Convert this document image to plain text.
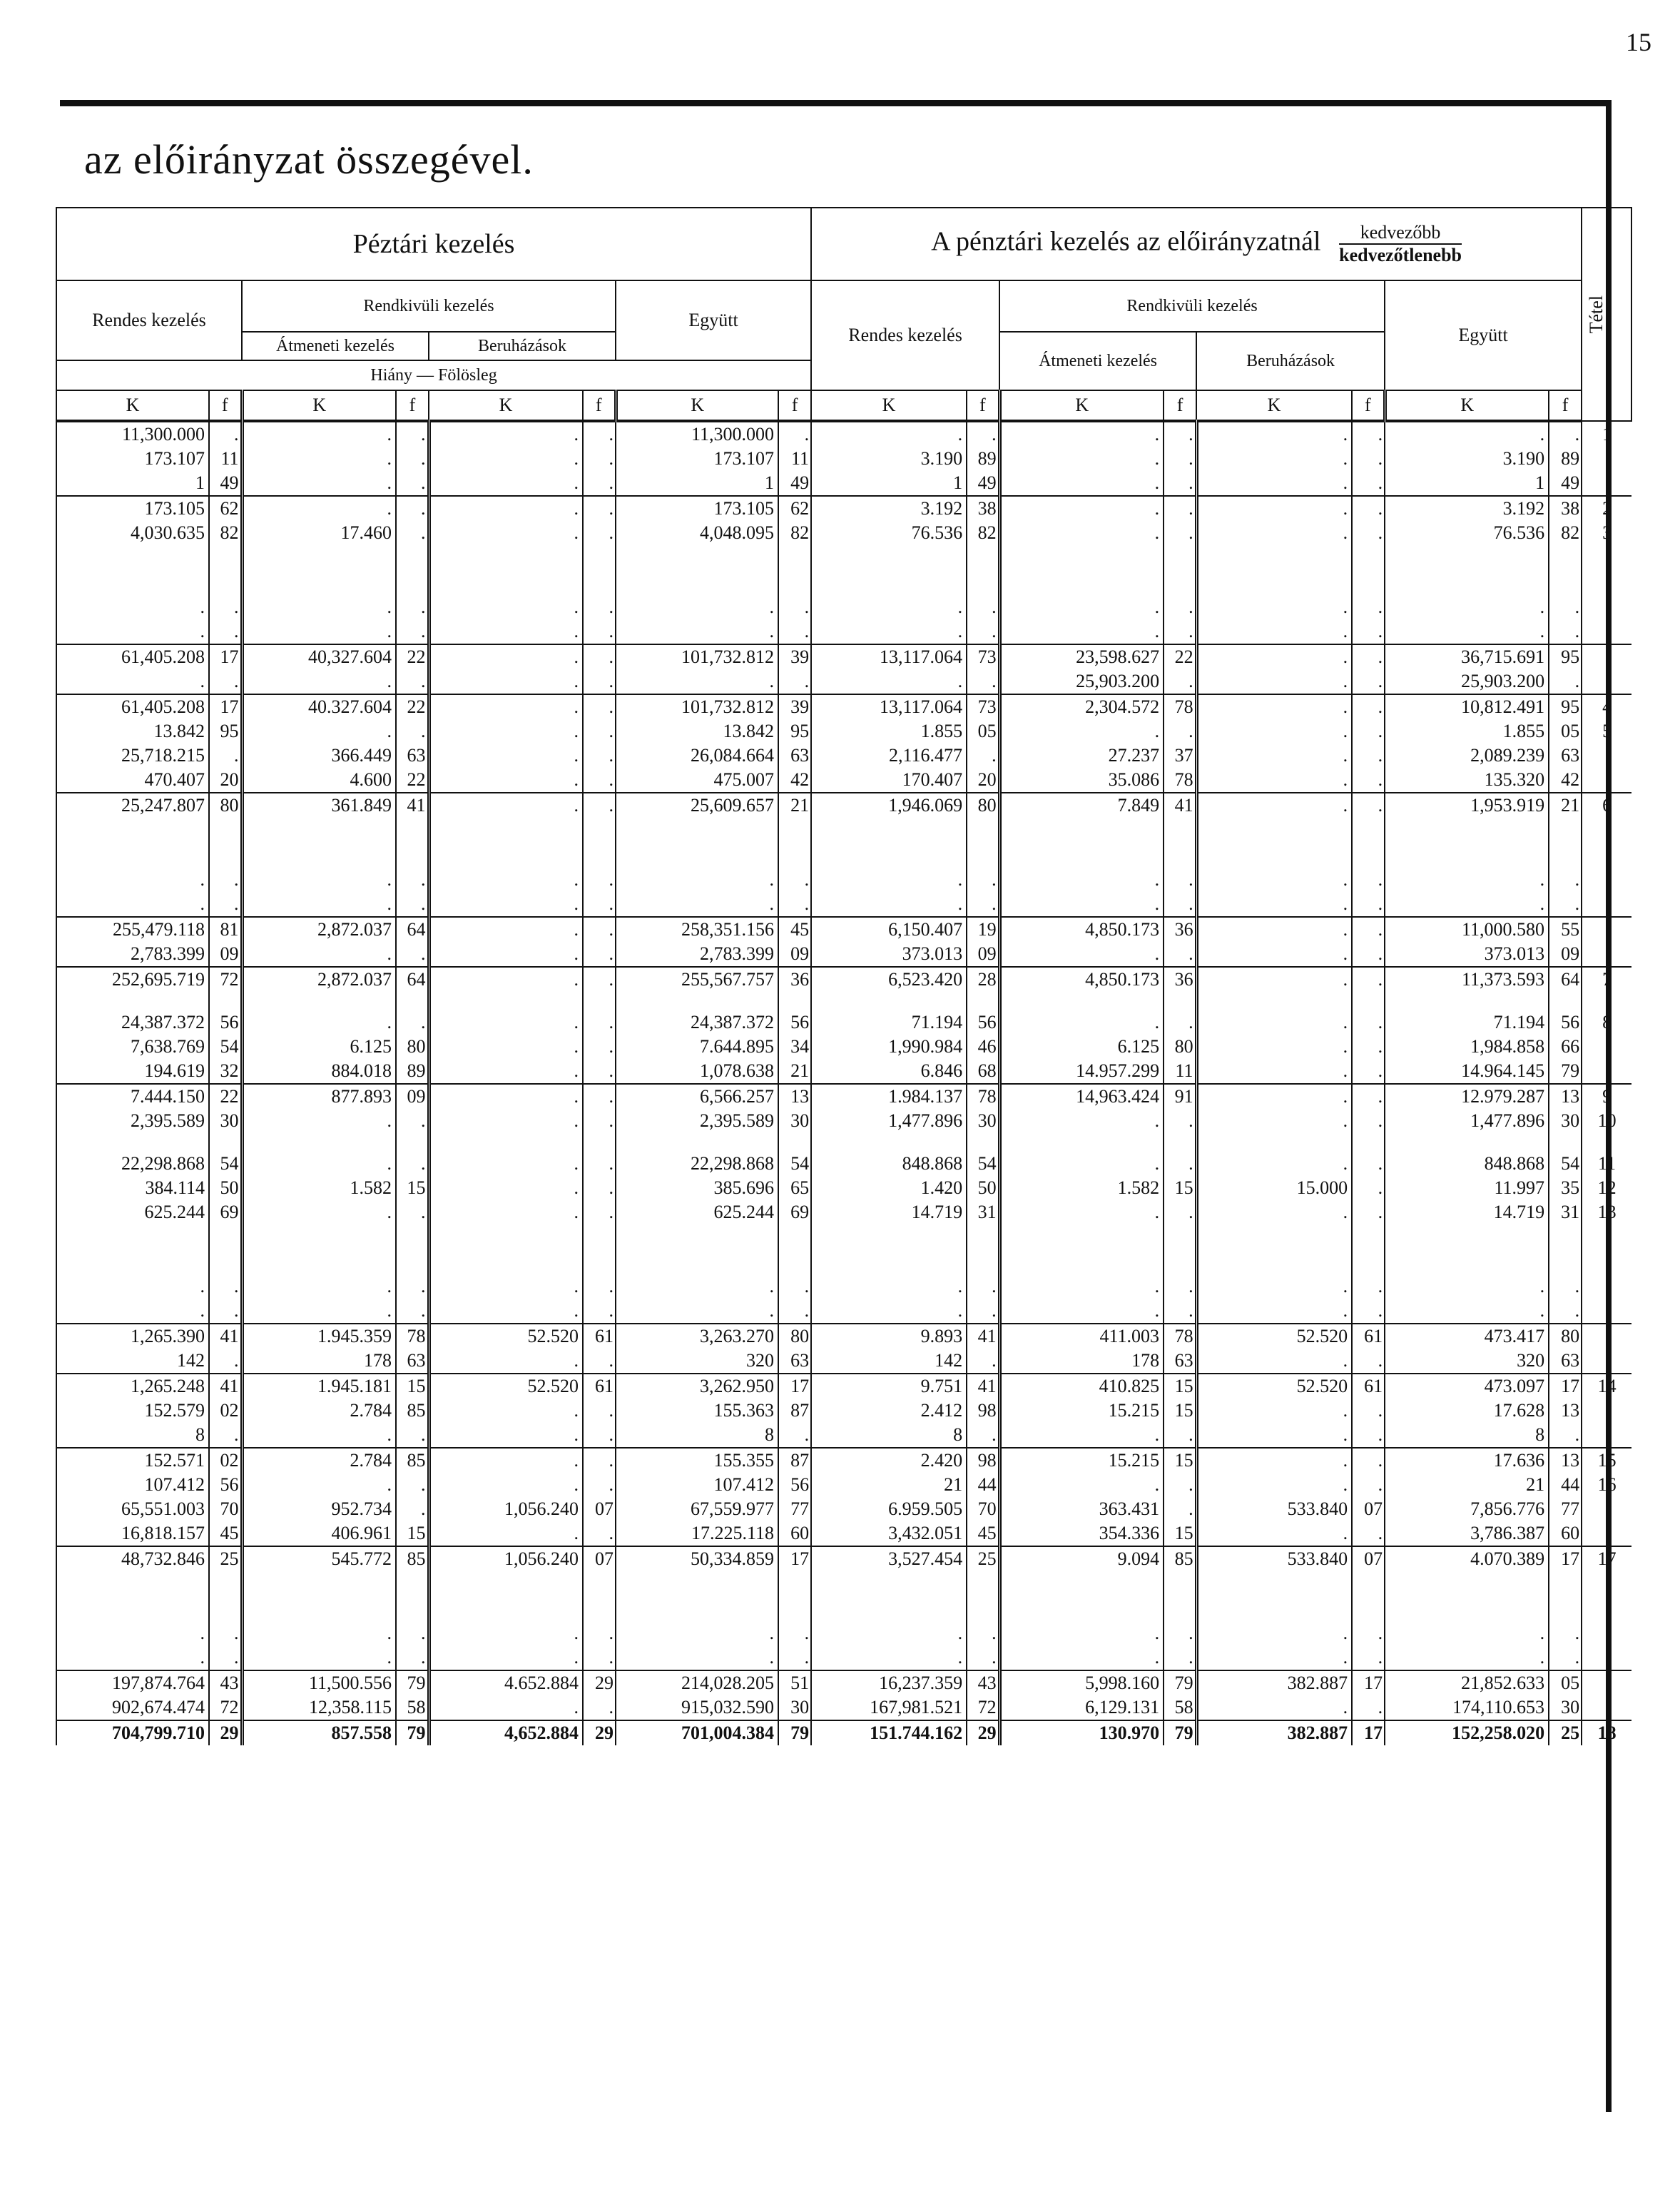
15
az előirányzat összegével.
Péztári kezelés								A pénztári kezelés az előirányzatnál kedvezőbb
kedvezőtlenebb								Tétel

Rendes kezelés		Rendkivüli kezelés				Együtt		Rendes kezelés		Rendkivüli kezelés				Együtt		
		Átmeneti kezelés		Beruházások						Átmeneti kezelés		Beruházások				
Hiány — Fölösleg																
K	f	K	f	K	f	K	f	K	f	K	f	K	f	K	f	
11,300.000	.	.	.	.	.	11,300.000	.	.	.	.	.	.	.	.	.	1
173.107	11	.	.	.	.	173.107	11	3.190	89	.	.	.	.	3.190	89	
1	49	.	.	.	.	1	49	1	49	.	.	.	.	1	49	
173.105	62	.	.	.	.	173.105	62	3.192	38	.	.	.	.	3.192	38	2
4,030.635	82	17.460	.	.	.	4,048.095	82	76.536	82	.	.	.	.	76.536	82	3

.	.	.	.	.	.	.	.	.	.	.	.	.	.	.	.	
.	.	.	.	.	.	.	.	.	.	.	.	.	.	.	.	
61,405.208	17	40,327.604	22	.	.	101,732.812	39	13,117.064	73	23,598.627	22	.	.	36,715.691	95	
.	.	.	.	.	.	.	.	.	.	25,903.200	.	.	.	25,903.200	.	
61,405.208	17	40.327.604	22	.	.	101,732.812	39	13,117.064	73	2,304.572	78	.	.	10,812.491	95	4
13.842	95	.	.	.	.	13.842	95	1.855	05	.	.	.	.	1.855	05	5
25,718.215	.	366.449	63	.	.	26,084.664	63	2,116.477	.	27.237	37	.	.	2,089.239	63	
470.407	20	4.600	22	.	.	475.007	42	170.407	20	35.086	78	.	.	135.320	42	
25,247.807	80	361.849	41	.	.	25,609.657	21	1,946.069	80	7.849	41	.	.	1,953.919	21	6

.	.	.	.	.	.	.	.	.	.	.	.	.	.	.	.	
.	.	.	.	.	.	.	.	.	.	.	.	.	.	.	.	
255,479.118	81	2,872.037	64	.	.	258,351.156	45	6,150.407	19	4,850.173	36	.	.	11,000.580	55	
2,783.399	09	.	.	.	.	2,783.399	09	373.013	09	.	.	.	.	373.013	09	
252,695.719	72	2,872.037	64	.	.	255,567.757	36	6,523.420	28	4,850.173	36	.	.	11,373.593	64	7

24,387.372	56	.	.	.	.	24,387.372	56	71.194	56	.	.	.	.	71.194	56	8
7,638.769	54	6.125	80	.	.	7.644.895	34	1,990.984	46	6.125	80	.	.	1,984.858	66	
194.619	32	884.018	89	.	.	1,078.638	21	6.846	68	14.957.299	11	.	.	14.964.145	79	
7.444.150	22	877.893	09	.	.	6,566.257	13	1.984.137	78	14,963.424	91	.	.	12.979.287	13	9
2,395.589	30	.	.	.	.	2,395.589	30	1,477.896	30	.	.	.	.	1,477.896	30	10

22,298.868	54	.	.	.	.	22,298.868	54	848.868	54	.	.	.	.	848.868	54	11
384.114	50	1.582	15	.	.	385.696	65	1.420	50	1.582	15	15.000	.	11.997	35	12
625.244	69	.	.	.	.	625.244	69	14.719	31	.	.	.	.	14.719	31	13

.	.	.	.	.	.	.	.	.	.	.	.	.	.	.	.	
.	.	.	.	.	.	.	.	.	.	.	.	.	.	.	.	
1,265.390	41	1.945.359	78	52.520	61	3,263.270	80	9.893	41	411.003	78	52.520	61	473.417	80	
142	.	178	63	.	.	320	63	142	.	178	63	.	.	320	63	
1,265.248	41	1.945.181	15	52.520	61	3,262.950	17	9.751	41	410.825	15	52.520	61	473.097	17	14
152.579	02	2.784	85	.	.	155.363	87	2.412	98	15.215	15	.	.	17.628	13	
8	.	.	.	.	.	8	.	8	.	.	.	.	.	8	.	
152.571	02	2.784	85	.	.	155.355	87	2.420	98	15.215	15	.	.	17.636	13	15
107.412	56	.	.	.	.	107.412	56	21	44	.	.	.	.	21	44	16
65,551.003	70	952.734	.	1,056.240	07	67,559.977	77	6.959.505	70	363.431	.	533.840	07	7,856.776	77	
16,818.157	45	406.961	15	.	.	17.225.118	60	3,432.051	45	354.336	15	.	.	3,786.387	60	
48,732.846	25	545.772	85	1,056.240	07	50,334.859	17	3,527.454	25	9.094	85	533.840	07	4.070.389	17	17

.	.	.	.	.	.	.	.	.	.	.	.	.	.	.	.	
.	.	.	.	.	.	.	.	.	.	.	.	.	.	.	.	
197,874.764	43	11,500.556	79	4.652.884	29	214,028.205	51	16,237.359	43	5,998.160	79	382.887	17	21,852.633	05	
902,674.474	72	12,358.115	58	.	.	915,032.590	30	167,981.521	72	6,129.131	58	.	.	174,110.653	30	
704,799.710	29	857.558	79	4,652.884	29	701,004.384	79	151.744.162	29	130.970	79	382.887	17	152,258.020	25	18
